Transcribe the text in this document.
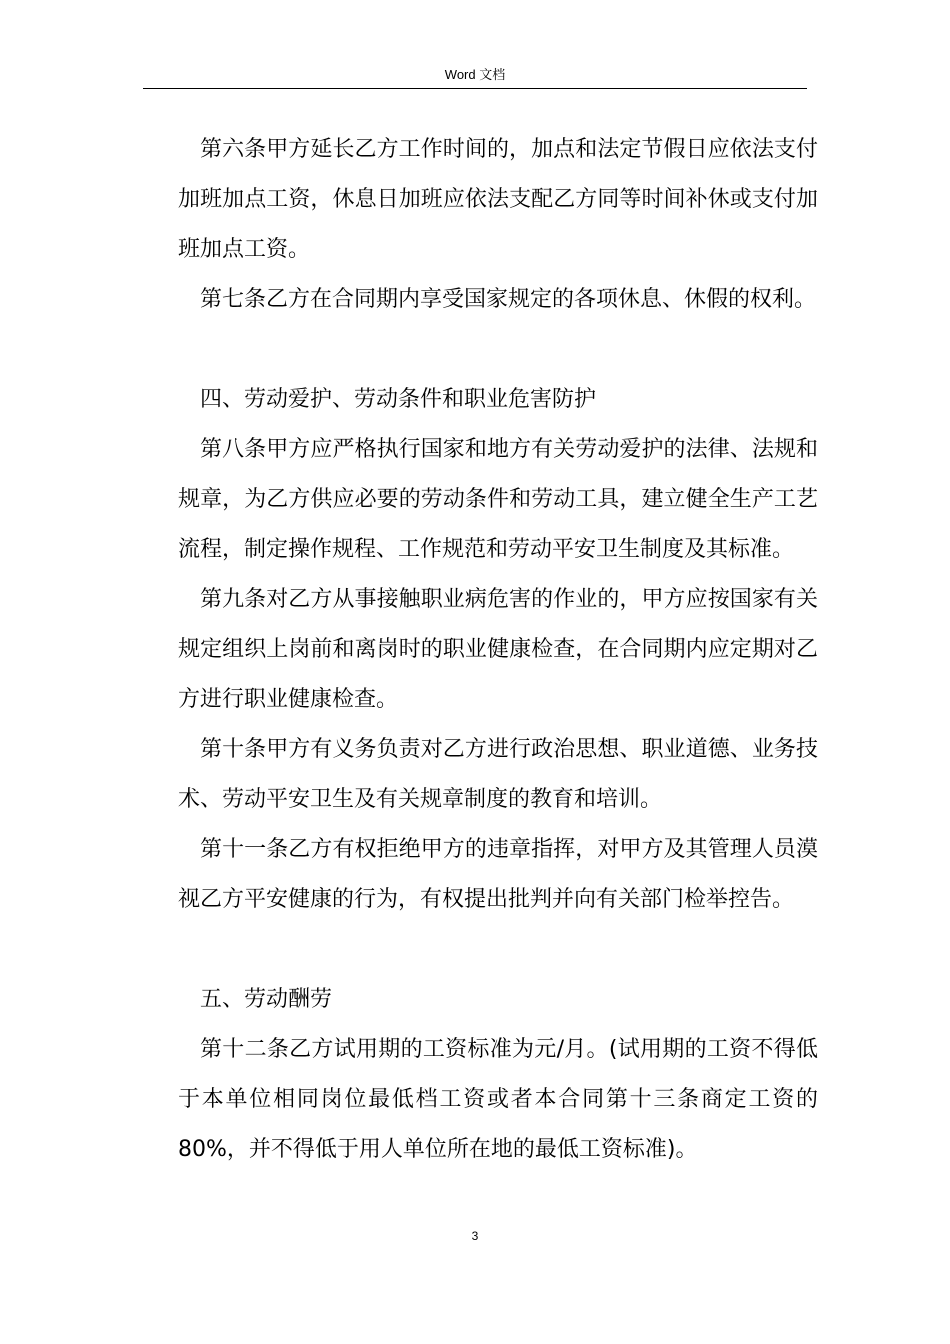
Word 文档

第六条甲方延长乙方工作时间的，加点和法定节假日应依法支付加班加点工资，休息日加班应依法支配乙方同等时间补休或支付加班加点工资。

第七条乙方在合同期内享受国家规定的各项休息、休假的权利。

四、劳动爱护、劳动条件和职业危害防护

第八条甲方应严格执行国家和地方有关劳动爱护的法律、法规和规章，为乙方供应必要的劳动条件和劳动工具，建立健全生产工艺流程，制定操作规程、工作规范和劳动平安卫生制度及其标准。

第九条对乙方从事接触职业病危害的作业的，甲方应按国家有关规定组织上岗前和离岗时的职业健康检查，在合同期内应定期对乙方进行职业健康检查。

第十条甲方有义务负责对乙方进行政治思想、职业道德、业务技术、劳动平安卫生及有关规章制度的教育和培训。

第十一条乙方有权拒绝甲方的违章指挥，对甲方及其管理人员漠视乙方平安健康的行为，有权提出批判并向有关部门检举控告。

五、劳动酬劳

第十二条乙方试用期的工资标准为元/月。(试用期的工资不得低于本单位相同岗位最低档工资或者本合同第十三条商定工资的80%，并不得低于用人单位所在地的最低工资标准)。

3
